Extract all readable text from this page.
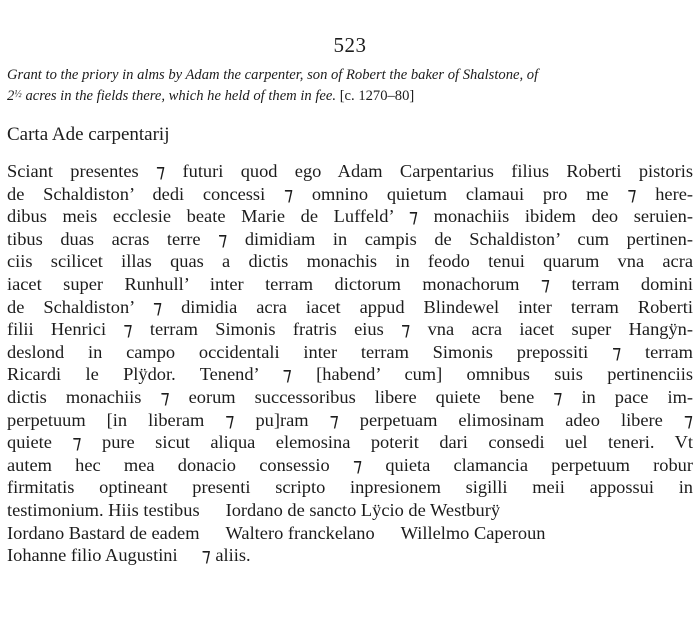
523
Grant to the priory in alms by Adam the carpenter, son of Robert the baker of Shalstone, of
2½ acres in the fields there, which he held of them in fee. [c. 1270–80]
Carta Ade carpentarij
Sciant presentes ⁊ futuri quod ego Adam Carpentarius filius Roberti pistoris
de Schaldiston’ dedi concessi ⁊ omnino quietum clamaui pro me ⁊ here-
dibus meis ecclesie beate Marie de Luffeld’ ⁊ monachiis ibidem deo seruien-
tibus duas acras terre ⁊ dimidiam in campis de Schaldiston’ cum pertinen-
ciis scilicet illas quas a dictis monachis in feodo tenui quarum vna acra
iacet super Runhull’ inter terram dictorum monachorum ⁊ terram domini
de Schaldiston’ ⁊ dimidia acra iacet appud Blindewel inter terram Roberti
filii Henrici ⁊ terram Simonis fratris eius ⁊ vna acra iacet super Hangÿn-
deslond in campo occidentali inter terram Simonis prepossiti ⁊ terram
Ricardi le Plÿdor. Tenend’ ⁊ [habend’ cum] omnibus suis pertinenciis
dictis monachiis ⁊ eorum successoribus libere quiete bene ⁊ in pace im-
perpetuum [in liberam ⁊ pu]ram ⁊ perpetuam elimosinam adeo libere ⁊
quiete ⁊ pure sicut aliqua elemosina poterit dari consedi uel teneri. Vt
autem hec mea donacio consessio ⁊ quieta clamancia perpetuum robur
firmitatis optineant presenti scripto inpresionem sigilli meii appossui in
testimonium. Hiis testibus Iordano de sancto Lÿcio de Westburÿ
Iordano Bastard de eadem Waltero franckelano Willelmo Caperoun
Iohanne filio Augustini ⁊ aliis.
